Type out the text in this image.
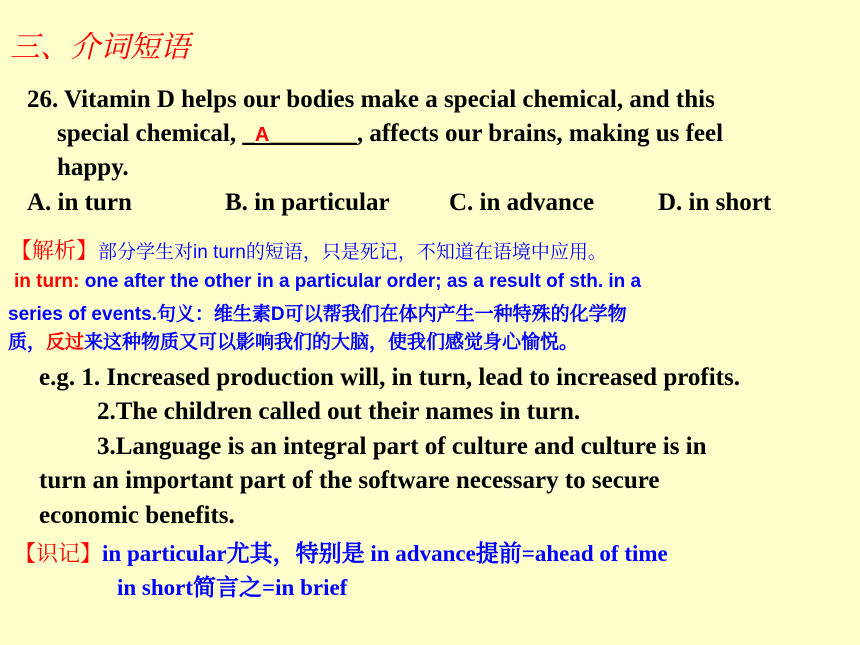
三、介词短语
26. Vitamin D helps our bodies make a special chemical, and this
special chemical, _A_______, affects our brains, making us feel
happy.
A. in turn	B. in particular C. in advance	D. in short
【解析】部分学生对in turn的短语，只是死记，不知道在语境中应用。
in turn: one after the other in a particular order; as a result of sth. in a
series of events.句义：维生素D可以帮我们在体内产生一种特殊的化学物
质，反过来这种物质又可以影响我们的大脑，使我们感觉身心愉悦。
e.g. 1. Increased production will, in turn, lead to increased profits.
2.The children called out their names in turn.
3.Language is an integral part of culture and culture is in
turn an important part of the software necessary to secure
economic benefits.
【识记】in particular尤其，特别是 in advance提前=ahead of time
in short简言之=in brief
